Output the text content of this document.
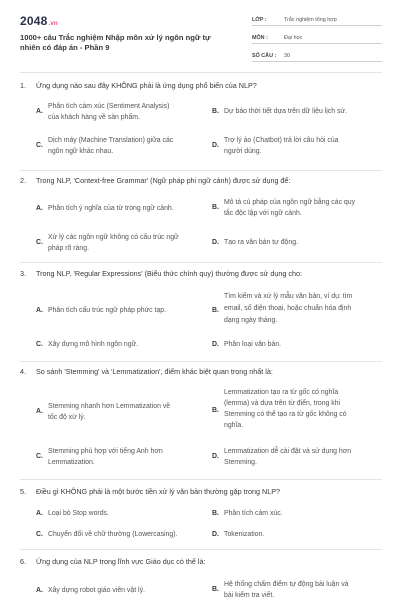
2048.vn
1000+ câu Trắc nghiệm Nhập môn xử lý ngôn ngữ tự nhiên có đáp án - Phần 9
LỚP :	Trắc nghiệm tổng hợp
MÔN :	Đại học
SỐ CÂU :	30
1. Ứng dụng nào sau đây KHÔNG phải là ứng dụng phổ biến của NLP?
A.
Phân tích cảm xúc (Sentiment Analysis)
của khách hàng về sản phẩm.
B. Dự báo thời tiết dựa trên dữ liệu lịch sử.
C.
Dịch máy (Machine Translation) giữa các
ngôn ngữ khác nhau.
D.
Trợ lý ảo (Chatbot) trả lời câu hỏi của
người dùng.
2. Trong NLP, 'Context-free Grammar' (Ngữ pháp phi ngữ cảnh) được sử dụng để:
A. Phân tích ý nghĩa của từ trong ngữ cảnh.	B.
Mô tả cú pháp của ngôn ngữ bằng các quy
tắc độc lập với ngữ cảnh.
C.
Xử lý các ngôn ngữ không có cấu trúc ngữ
pháp rõ ràng.
D. Tạo ra văn bản tự động.
3. Trong NLP, 'Regular Expressions' (Biểu thức chính quy) thường được sử dụng cho:
A. Phân tích cấu trúc ngữ pháp phức tạp.	B.
Tìm kiếm và xử lý mẫu văn bản, ví dụ: tìm
email, số điện thoại, hoặc chuẩn hóa định
dạng ngày tháng.
C. Xây dựng mô hình ngôn ngữ.	D. Phân loại văn bản.
4. So sánh 'Stemming' và 'Lemmatization', điểm khác biệt quan trọng nhất là:
A.
Stemming nhanh hơn Lemmatization về
tốc độ xử lý.
B.
Lemmatization tạo ra từ gốc có nghĩa
(lemma) và dựa trên từ điển, trong khi
Stemming có thể tạo ra từ gốc không có
nghĩa.
C.
Stemming phù hợp với tiếng Anh hơn
Lemmatization.
D.
Lemmatization dễ cài đặt và sử dụng hơn
Stemming.
5. Điều gì KHÔNG phải là một bước tiền xử lý văn bản thường gặp trong NLP?
A. Loại bỏ Stop words.	B. Phân tích cảm xúc.
C. Chuyển đổi về chữ thường (Lowercasing).	D. Tokenization.
6. Ứng dụng của NLP trong lĩnh vực Giáo dục có thể là:
A. Xây dựng robot giáo viên vật lý.	B.
Hệ thống chấm điểm tự động bài luận và
bài kiểm tra viết.
